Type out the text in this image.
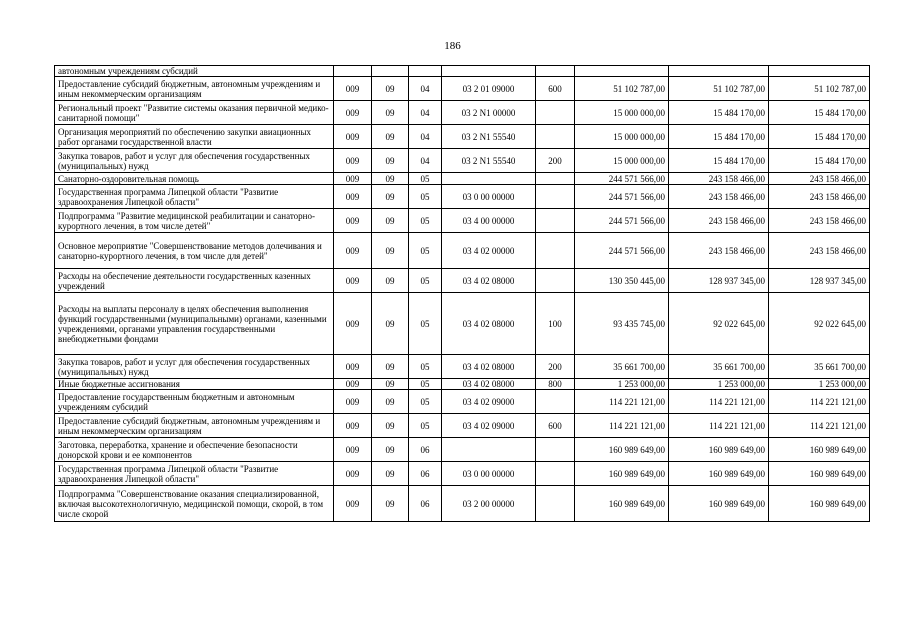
186
автономным учреждениям субсидий								
Предоставление субсидий бюджетным, автономным учреждениям и иным некоммерческим организациям	009	09	04	03 2 01 09000	600	51 102 787,00	51 102 787,00	51 102 787,00
Региональный проект "Развитие системы оказания первичной медико-санитарной помощи"	009	09	04	03 2 N1 00000		15 000 000,00	15 484 170,00	15 484 170,00
Организация мероприятий по обеспечению закупки авиационных работ органами государственной власти	009	09	04	03 2 N1 55540		15 000 000,00	15 484 170,00	15 484 170,00
Закупка товаров, работ и услуг для обеспечения государственных (муниципальных) нужд	009	09	04	03 2 N1 55540	200	15 000 000,00	15 484 170,00	15 484 170,00
Санаторно-оздоровительная помощь	009	09	05			244 571 566,00	243 158 466,00	243 158 466,00
Государственная программа Липецкой области "Развитие здравоохранения Липецкой области"	009	09	05	03 0 00 00000		244 571 566,00	243 158 466,00	243 158 466,00
Подпрограмма "Развитие медицинской реабилитации и санаторно-курортного лечения, в том числе детей"	009	09	05	03 4 00 00000		244 571 566,00	243 158 466,00	243 158 466,00
Основное мероприятие "Совершенствование методов долечивания и санаторно-курортного лечения, в том числе для детей"	009	09	05	03 4 02 00000		244 571 566,00	243 158 466,00	243 158 466,00
Расходы на обеспечение деятельности государственных казенных учреждений	009	09	05	03 4 02 08000		130 350 445,00	128 937 345,00	128 937 345,00
Расходы на выплаты персоналу в целях обеспечения выполнения функций государственными (муниципальными) органами, казенными учреждениями, органами управления государственными внебюджетными фондами	009	09	05	03 4 02 08000	100	93 435 745,00	92 022 645,00	92 022 645,00
Закупка товаров, работ и услуг для обеспечения государственных (муниципальных) нужд	009	09	05	03 4 02 08000	200	35 661 700,00	35 661 700,00	35 661 700,00
Иные бюджетные ассигнования	009	09	05	03 4 02 08000	800	1 253 000,00	1 253 000,00	1 253 000,00
Предоставление государственным бюджетным и автономным учреждениям субсидий	009	09	05	03 4 02 09000		114 221 121,00	114 221 121,00	114 221 121,00
Предоставление субсидий бюджетным, автономным учреждениям и иным некоммерческим организациям	009	09	05	03 4 02 09000	600	114 221 121,00	114 221 121,00	114 221 121,00
Заготовка, переработка, хранение и обеспечение безопасности донорской крови и ее компонентов	009	09	06			160 989 649,00	160 989 649,00	160 989 649,00
Государственная программа Липецкой области "Развитие здравоохранения Липецкой области"	009	09	06	03 0 00 00000		160 989 649,00	160 989 649,00	160 989 649,00
Подпрограмма "Совершенствование оказания специализированной, включая высокотехнологичную, медицинской помощи, скорой, в том числе скорой	009	09	06	03 2 00 00000		160 989 649,00	160 989 649,00	160 989 649,00
